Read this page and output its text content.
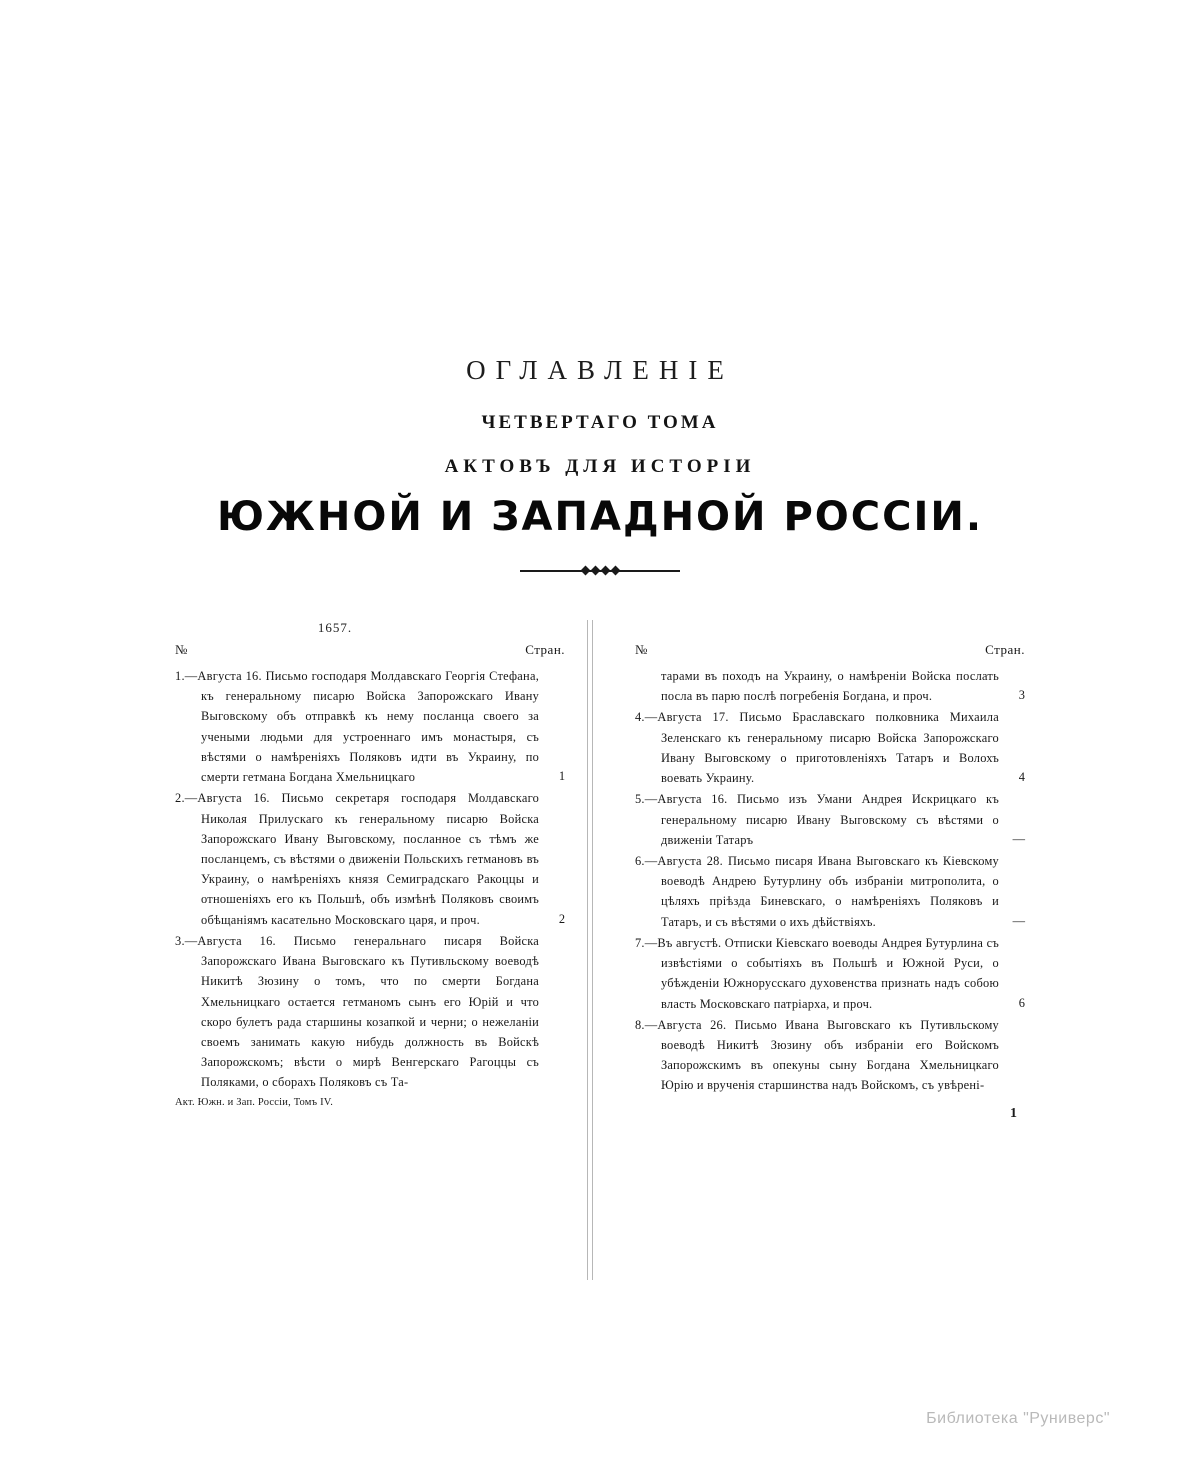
ОГЛАВЛЕНIЕ
ЧЕТВЕРТАГО ТОМА
АКТОВЪ ДЛЯ ИСТОРIИ
ЮЖНОЙ И ЗАПАДНОЙ РОССIИ.
1657.
№	Стран.
1.—Августа 16. Письмо господаря Молдавскаго Георгiя Стефана, къ генеральному писарю Войска Запорожскаго Ивану Выговскому объ отправкѣ къ нему посланца своего за учеными людьми для устроеннаго имъ монастыря, съ вѣстями о намѣренiяхъ Поляковъ идти въ Украину, по смерти гетмана Богдана Хмельницкаго	1
2.—Августа 16. Письмо секретаря господаря Молдавскаго Николая Прилускаго къ генеральному писарю Войска Запорожскаго Ивану Выговскому, посланное съ тѣмъ же посланцемъ, съ вѣстями о движенiи Польскихъ гетмановъ въ Украину, о намѣренiяхъ князя Семиградскаго Ракоццы и отношенiяхъ его къ Польшѣ, объ измѣнѣ Поляковъ своимъ обѣщанiямъ касательно Московскаго царя, и проч.	2
3.—Августа 16. Письмо генеральнаго писаря Войска Запорожскаго Ивана Выговскаго къ Путивльскому воеводѣ Никитѣ Зюзину о томъ, что по смерти Богдана Хмельницкаго остается гетманомъ сынъ его Юрiй и что скоро булетъ рада старшины козапкой и черни; о нежеланiи своемъ занимать какую нибудь должность въ Войскѣ Запорожскомъ; вѣсти о мирѣ Венгерскаго Рагоццы съ Поляками, о сборахъ Поляковъ съ Та-
Акт. Южн. и Зап. Россiи, Томъ IV.
№	Стран.
тарами въ походъ на Украину, о намѣренiи Войска послать посла въ парю послѣ погребенiя Богдана, и проч.	3
4.—Августа 17. Письмо Браславскаго полковника Михаила Зеленскаго къ генеральному писарю Войска Запорожскаго Ивану Выговскому о приготовленiяхъ Татаръ и Волохъ воевать Украину.	4
5.—Августа 16. Письмо изъ Умани Андрея Искрицкаго къ генеральному писарю Ивану Выговскому съ вѣстями о движенiи Татаръ	—
6.—Августа 28. Письмо писаря Ивана Выговскаго къ Кiевскому воеводѣ Андрею Бутурлину объ избранiи митрополита, о цѣляхъ прiѣзда Биневскаго, о намѣренiяхъ Поляковъ и Татаръ, и съ вѣстями о ихъ дѣйствiяхъ.	—
7.—Въ августѣ. Отписки Кiевскаго воеводы Андрея Бутурлина съ извѣстiями о событiяхъ въ Польшѣ и Южной Руси, о убѣжденiи Южнорусскаго духовенства признать надъ собою власть Московскаго патрiарха, и проч.	6
8.—Августа 26. Письмо Ивана Выговскаго къ Путивльскому воеводѣ Никитѣ Зюзину объ избранiи его Войскомъ Запорожскимъ въ опекуны сыну Богдана Хмельницкаго Юрiю и врученiя старшинства надъ Войскомъ, съ увѣренi-
1
Библиотека "Руниверс"
